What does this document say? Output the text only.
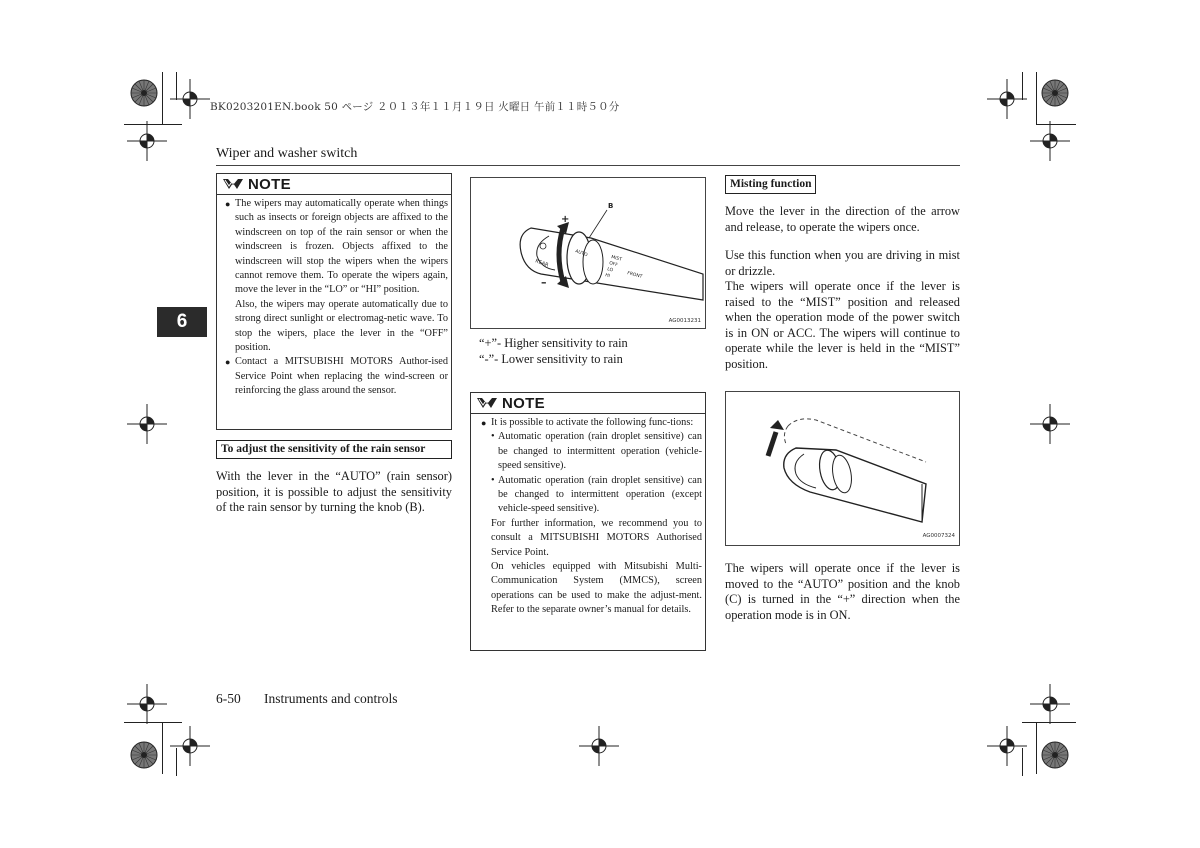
BK0203201EN.book 50 ページ ２０１３年１１月１９日 火曜日 午前１１時５０分
Wiper and washer switch
6
NOTE
● The wipers may automatically operate when things such as insects or foreign objects are affixed to the windscreen on top of the rain sensor or when the windscreen is frozen. Objects affixed to the windscreen will stop the wipers when the wipers cannot remove them. To operate the wipers again, move the lever in the “LO” or “HI” position.
Also, the wipers may operate automatically due to strong direct sunlight or electromag-netic wave. To stop the wipers, place the lever in the “OFF” position.
● Contact a MITSUBISHI MOTORS Author-ised Service Point when replacing the wind-screen or reinforcing the glass around the sensor.
To adjust the sensitivity of the rain sensor
With the lever in the “AUTO” (rain sensor) position, it is possible to adjust the sensitivity of the rain sensor by turning the knob (B).
+
–
B
REAR
AUTO
MIST
OFF
LO
HI	FRONT
AG0013231
“+”- Higher sensitivity to rain
“-”- Lower sensitivity to rain
NOTE
● It is possible to activate the following func-tions:
• Automatic operation (rain droplet sensitive) can be changed to intermittent operation (vehicle-speed sensitive).
• Automatic operation (rain droplet sensitive) can be changed to intermittent operation (except vehicle-speed sensitive).
For further information, we recommend you to consult a MITSUBISHI MOTORS Authorised Service Point.
On vehicles equipped with Mitsubishi Multi-Communication System (MMCS), screen operations can be used to make the adjust-ment. Refer to the separate owner’s manual for details.
Misting function
Move the lever in the direction of the arrow and release, to operate the wipers once.
Use this function when you are driving in mist or drizzle.
The wipers will operate once if the lever is raised to the “MIST” position and released when the operation mode of the power switch is in ON or ACC. The wipers will continue to operate while the lever is held in the “MIST” position.
AG0007324
The wipers will operate once if the lever is moved to the “AUTO” position and the knob (C) is turned in the “+” direction when the operation mode is in ON.
6-50 Instruments and controls
